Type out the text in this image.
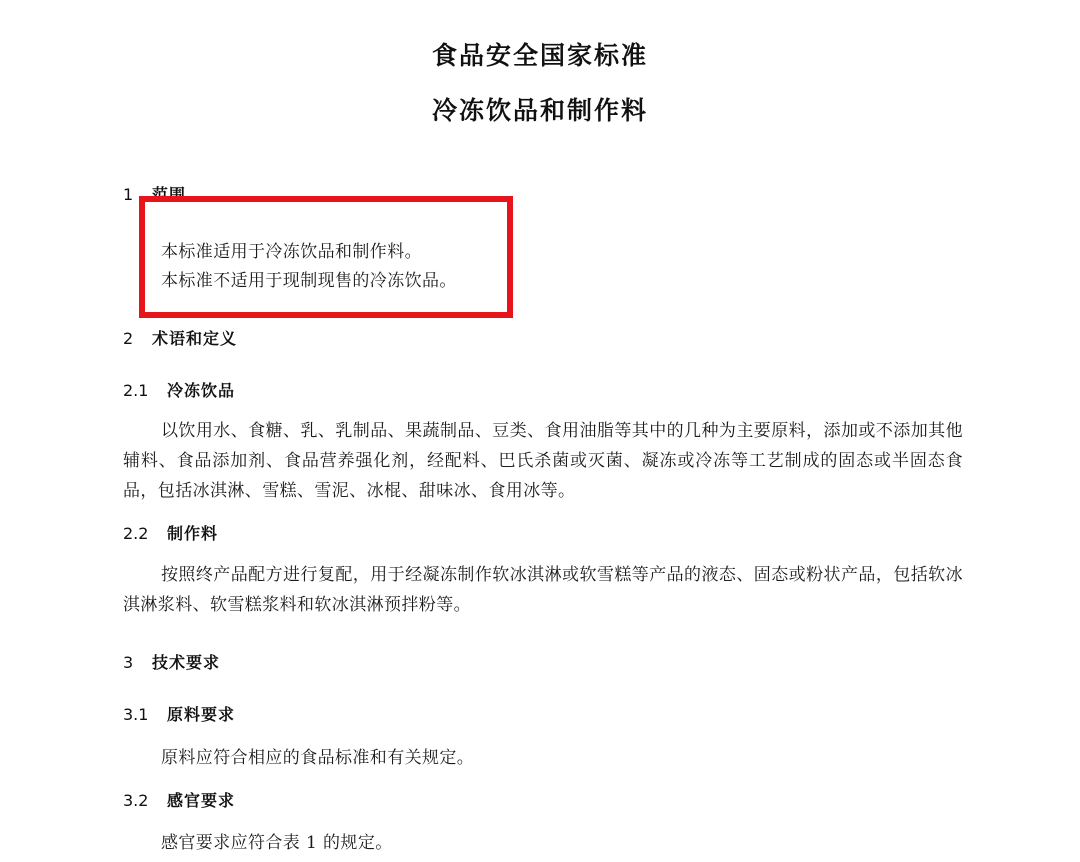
食品安全国家标准
冷冻饮品和制作料
1 范围
本标准适用于冷冻饮品和制作料。
本标准不适用于现制现售的冷冻饮品。
2 术语和定义
2.1 冷冻饮品
以饮用水、食糖、乳、乳制品、果蔬制品、豆类、食用油脂等其中的几种为主要原料，添加或不添加其他辅料、食品添加剂、食品营养强化剂，经配料、巴氏杀菌或灭菌、凝冻或冷冻等工艺制成的固态或半固态食品，包括冰淇淋、雪糕、雪泥、冰棍、甜味冰、食用冰等。
2.2 制作料
按照终产品配方进行复配，用于经凝冻制作软冰淇淋或软雪糕等产品的液态、固态或粉状产品，包括软冰淇淋浆料、软雪糕浆料和软冰淇淋预拌粉等。
3 技术要求
3.1 原料要求
原料应符合相应的食品标准和有关规定。
3.2 感官要求
感官要求应符合表 1 的规定。
